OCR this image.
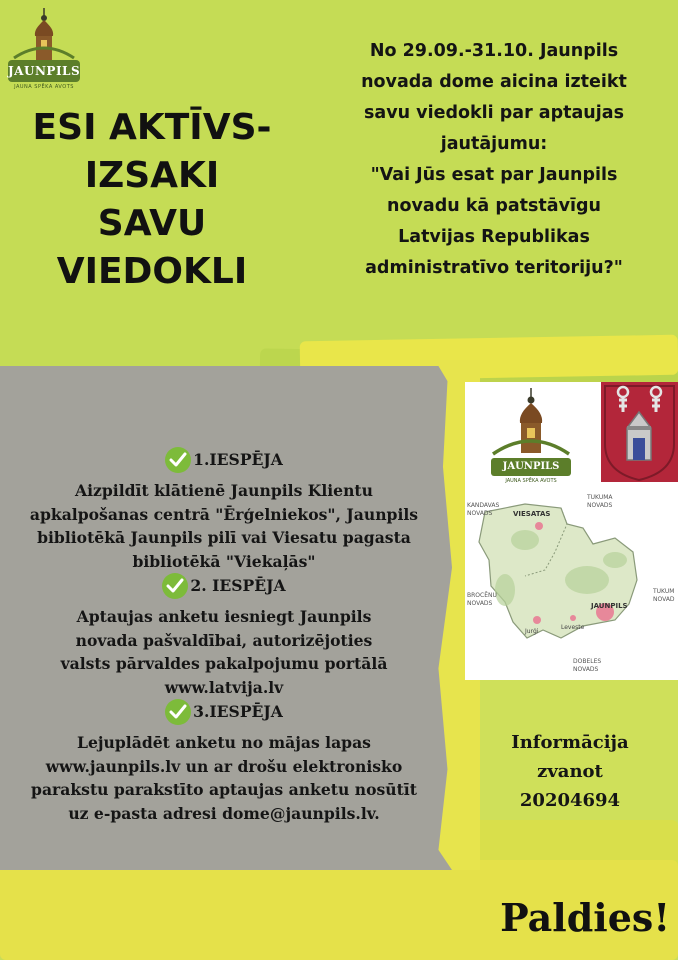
JAUNPILS
JAUNA SPĒKA AVOTS
ESI AKTĪVS-
IZSAKI
SAVU
VIEDOKLI
No 29.09.-31.10. Jaunpils
novada dome aicina izteikt
savu viedokli par aptaujas
jautājumu:
"Vai Jūs esat par Jaunpils
novadu kā patstāvīgu
Latvijas Republikas
administratīvo teritoriju?"
1.IESPĒJA
Aizpildīt klātienē Jaunpils Klientu
apkalpošanas centrā "Ērģelniekos", Jaunpils
bibliotēkā Jaunpils pilī vai Viesatu pagasta
bibliotēkā "Viekaļās"
2. IESPĒJA
Aptaujas anketu iesniegt Jaunpils
novada pašvaldībai, autorizējoties
valsts pārvaldes pakalpojumu portālā
www.latvija.lv
3.IESPĒJA
Lejuplādēt anketu no mājas lapas
www.jaunpils.lv un ar drošu elektronisko
parakstu parakstīto aptaujas anketu nosūtīt
uz e-pasta adresi dome@jaunpils.lv.
JAUNPILS
JAUNA SPĒKA AVOTS
KANDAVAS NOVADS
TUKUMA NOVADS
BROCĒNU NOVADS
TUKUM NOVAD
DOBELES NOVADS
VIESATAS
JAUNPILS
Jurģi
Leveste
Informācija
zvanot
20204694
Paldies!
